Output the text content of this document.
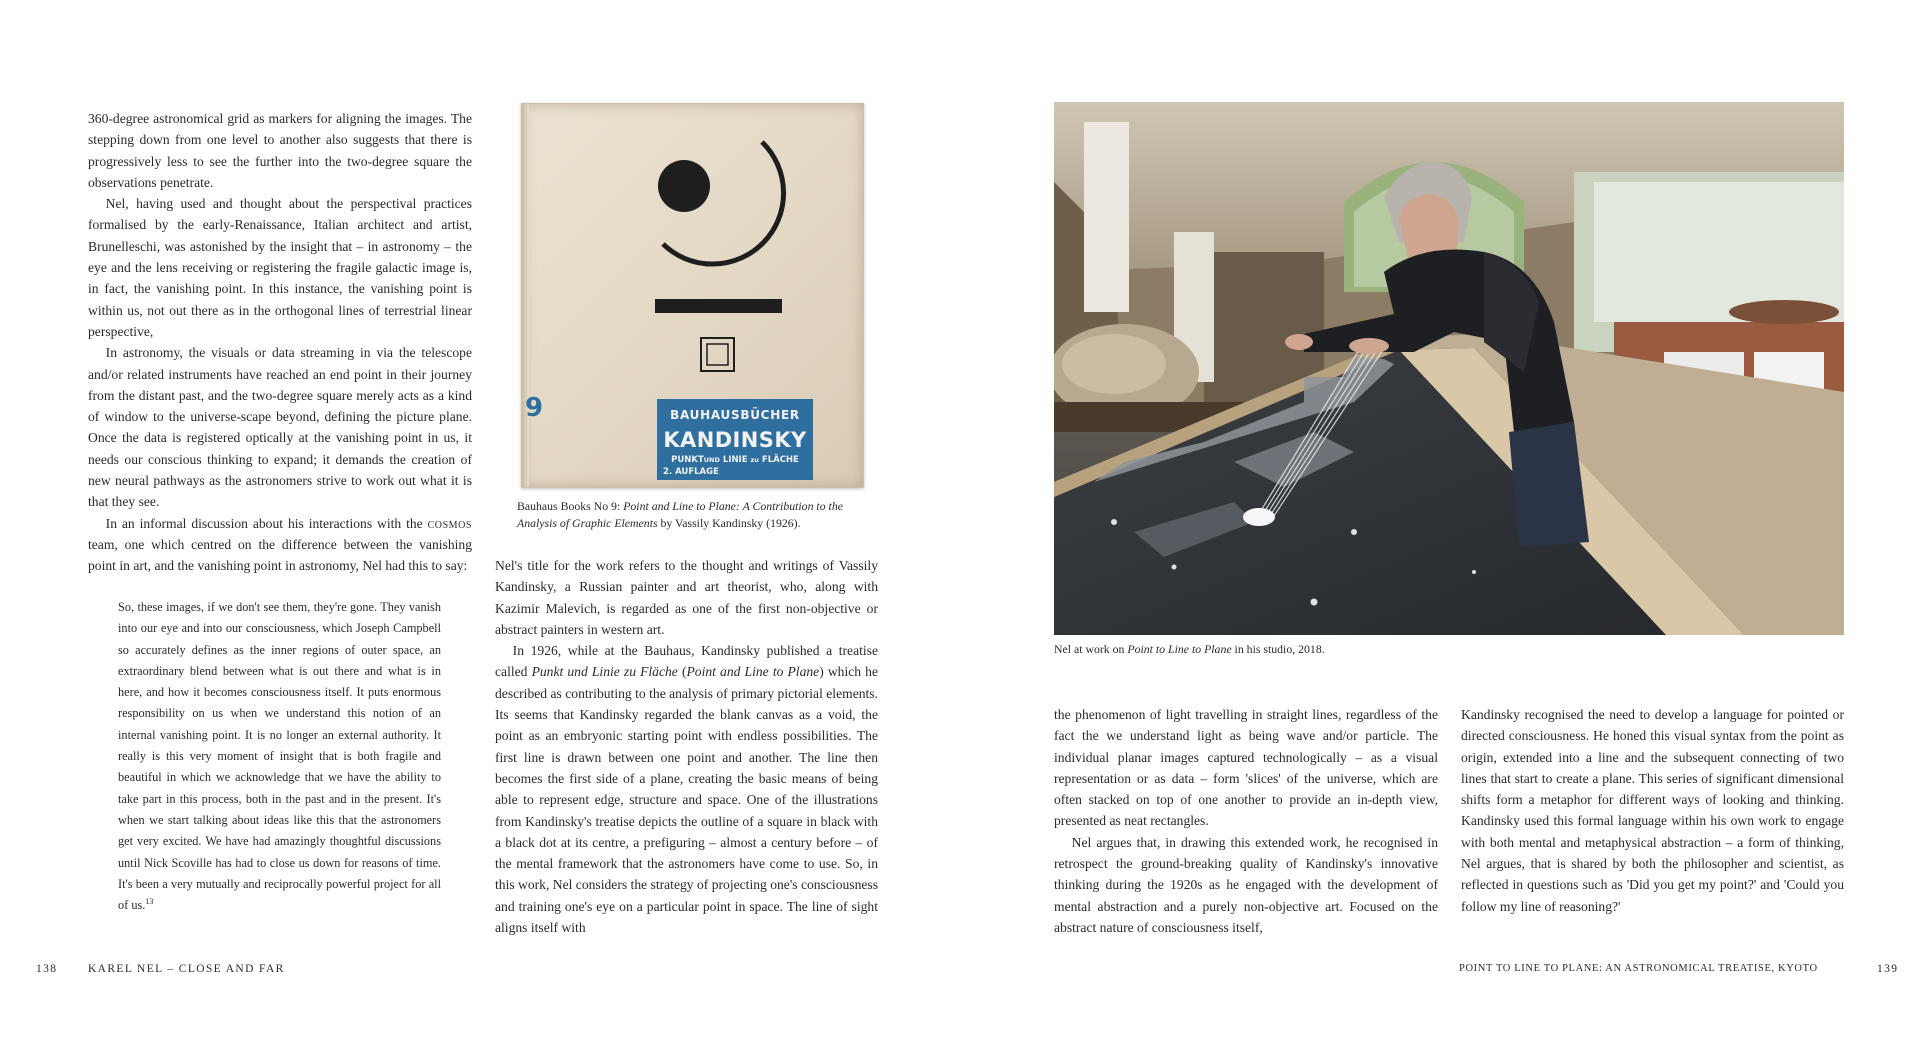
360-degree astronomical grid as markers for aligning the images. The stepping down from one level to another also suggests that there is progressively less to see the further into the two-degree square the observations penetrate.

Nel, having used and thought about the perspectival practices formalised by the early-Renaissance, Italian architect and artist, Brunelleschi, was astonished by the insight that – in astronomy – the eye and the lens receiving or registering the fragile galactic image is, in fact, the vanishing point. In this instance, the vanishing point is within us, not out there as in the orthogonal lines of terrestrial linear perspective,

In astronomy, the visuals or data streaming in via the telescope and/or related instruments have reached an end point in their journey from the distant past, and the two-degree square merely acts as a kind of window to the universe-scape beyond, defining the picture plane. Once the data is registered optically at the vanishing point in us, it needs our conscious thinking to expand; it demands the creation of new neural pathways as the astronomers strive to work out what it is that they see.

In an informal discussion about his interactions with the cosmos team, one which centred on the difference between the vanishing point in art, and the vanishing point in astronomy, Nel had this to say:

So, these images, if we don't see them, they're gone. They vanish into our eye and into our consciousness, which Joseph Campbell so accurately defines as the inner regions of outer space, an extraordinary blend between what is out there and what is in here, and how it becomes consciousness itself. It puts enormous responsibility on us when we understand this notion of an internal vanishing point. It is no longer an external authority. It really is this very moment of insight that is both fragile and beautiful in which we acknowledge that we have the ability to take part in this process, both in the past and in the present. It's when we start talking about ideas like this that the astronomers get very excited. We have had amazingly thoughtful discussions until Nick Scoville has had to close us down for reasons of time. It's been a very mutually and reciprocally powerful project for all of us.$^{13}$

9	BAUHAUSBÜCHER
KANDINSKY
PUNKTUND LINIE zu FLÄCHE
2. AUFLAGE
Bauhaus Books No 9: Point and Line to Plane: A Contribution to the Analysis of Graphic Elements by Vassily Kandinsky (1926).

Nel's title for the work refers to the thought and writings of Vassily Kandinsky, a Russian painter and art theorist, who, along with Kazimir Malevich, is regarded as one of the first non-objective or abstract painters in western art.

In 1926, while at the Bauhaus, Kandinsky published a treatise called Punkt und Linie zu Fläche (Point and Line to Plane) which he described as contributing to the analysis of primary pictorial elements. Its seems that Kandinsky regarded the blank canvas as a void, the point as an embryonic starting point with endless possibilities. The first line is drawn between one point and another. The line then becomes the first side of a plane, creating the basic means of being able to represent edge, structure and space. One of the illustrations from Kandinsky's treatise depicts the outline of a square in black with a black dot at its centre, a prefiguring – almost a century before – of the mental framework that the astronomers have come to use. So, in this work, Nel considers the strategy of projecting one's consciousness and training one's eye on a particular point in space. The line of sight aligns itself with

138	KAREL NEL – CLOSE AND FAR
Nel at work on Point to Line to Plane in his studio, 2018.

the phenomenon of light travelling in straight lines, regardless of the fact the we understand light as being wave and/or particle. The individual planar images captured technologically – as a visual representation or as data – form 'slices' of the universe, which are often stacked on top of one another to provide an in-depth view, presented as neat rectangles.

Nel argues that, in drawing this extended work, he recognised in retrospect the ground-breaking quality of Kandinsky's innovative thinking during the 1920s as he engaged with the development of mental abstraction and a purely non-objective art. Focused on the abstract nature of consciousness itself,

Kandinsky recognised the need to develop a language for pointed or directed consciousness. He honed this visual syntax from the point as origin, extended into a line and the subsequent connecting of two lines that start to create a plane. This series of significant dimensional shifts form a metaphor for different ways of looking and thinking. Kandinsky used this formal language within his own work to engage with both mental and metaphysical abstraction – a form of thinking, Nel argues, that is shared by both the philosopher and scientist, as reflected in questions such as 'Did you get my point?' and 'Could you follow my line of reasoning?'

POINT TO LINE TO PLANE: AN ASTRONOMICAL TREATISE, KYOTO	139
